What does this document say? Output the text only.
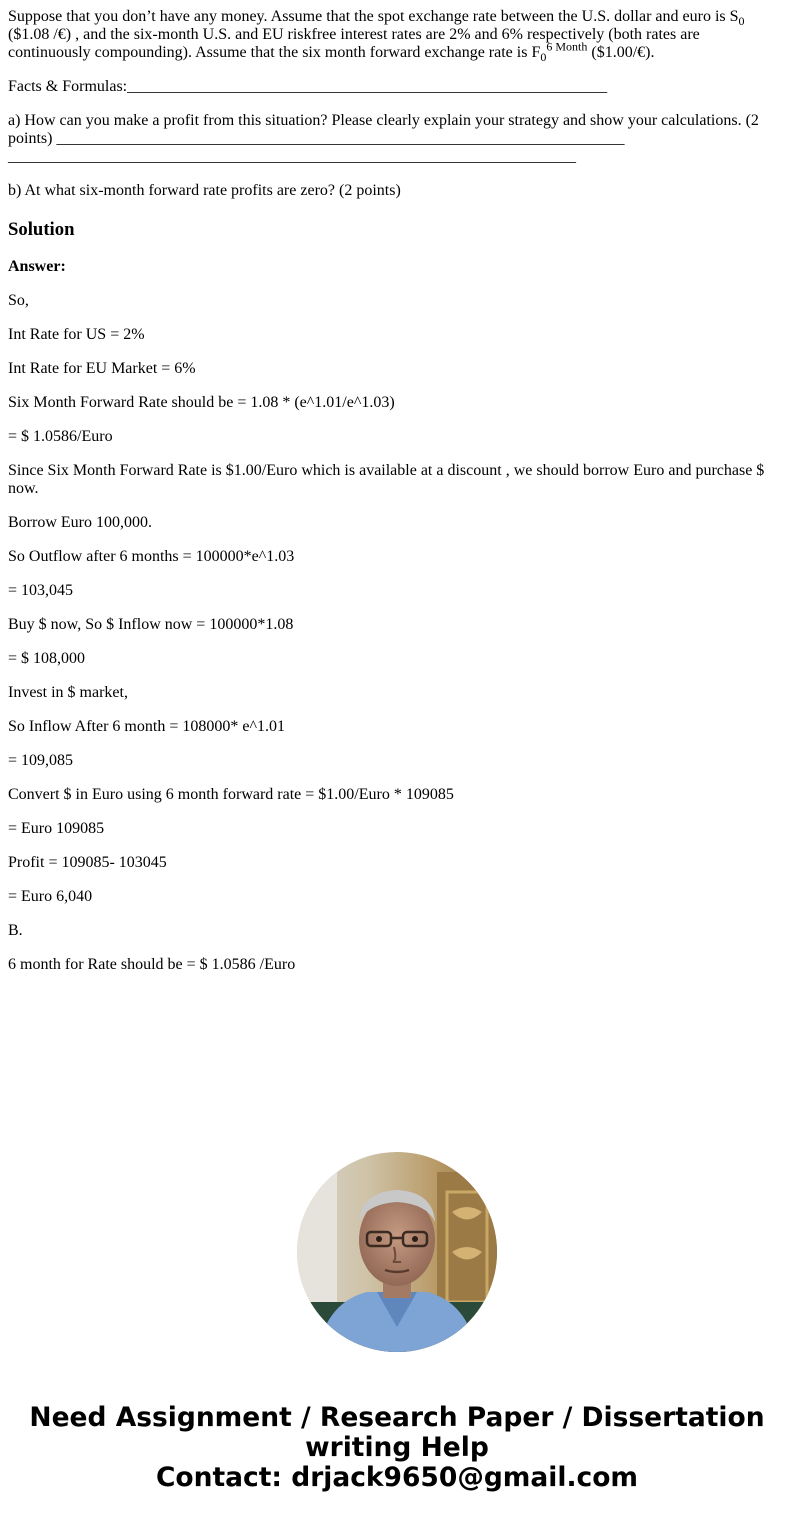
Suppose that you don’t have any money. Assume that the spot exchange rate between the U.S. dollar and euro is $S_0$ ($1.08 /€) , and the six-month U.S. and EU riskfree interest rates are 2% and 6% respectively (both rates are continuously compounding). Assume that the six month forward exchange rate is $F_0^{6 Month}$ ($1.00/€).

Facts & Formulas:____________________________________________________________

a) How can you make a profit from this situation? Please clearly explain your strategy and show your calculations. (2 points) _______________________________________________________________________
_______________________________________________________________________

b) At what six-month forward rate profits are zero? (2 points)

Solution

Answer:

So,

Int Rate for US = 2%

Int Rate for EU Market = 6%

Six Month Forward Rate should be = 1.08 * (e^1.01/e^1.03)

= $ 1.0586/Euro

Since Six Month Forward Rate is $1.00/Euro which is available at a discount , we should borrow Euro and purchase $ now.

Borrow Euro 100,000.

So Outflow after 6 months = 100000*e^1.03

= 103,045

Buy $ now, So $ Inflow now = 100000*1.08

= $ 108,000

Invest in $ market,

So Inflow After 6 month = 108000* e^1.01

= 109,085

Convert $ in Euro using 6 month forward rate = $1.00/Euro * 109085

= Euro 109085

Profit = 109085- 103045

= Euro 6,040

B.

6 month for Rate should be = $ 1.0586 /Euro

Need Assignment / Research Paper / Dissertation writing Help
Contact: drjack9650@gmail.com
